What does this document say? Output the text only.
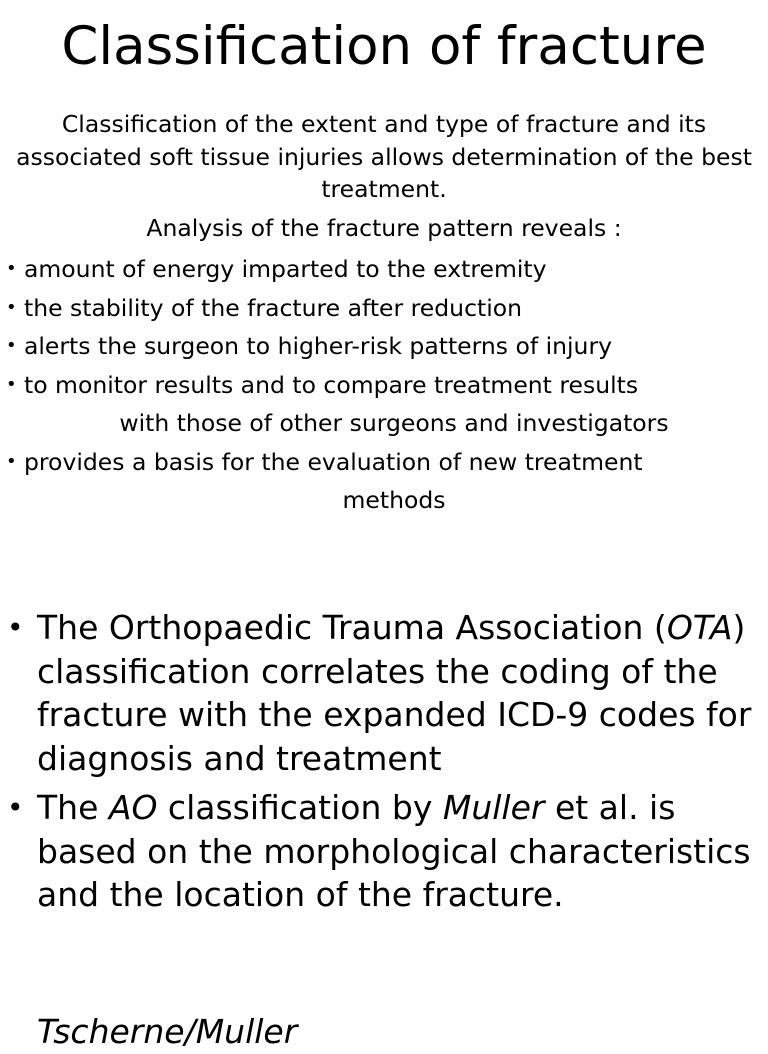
Classification of fracture

Classification of the extent and type of fracture and its associated soft tissue injuries allows determination of the best treatment.

Analysis of the fracture pattern reveals :

• amount of energy imparted to the extremity
• the stability of the fracture after reduction
• alerts the surgeon to higher-risk patterns of injury
• to monitor results and to compare treatment results
with those of other surgeons and investigators
• provides a basis for the evaluation of new treatment
methods
• The Orthopaedic Trauma Association (OTA) classification correlates the coding of the fracture with the expanded ICD-9 codes for diagnosis and treatment
• The AO classification by Muller et al. is based on the morphological characteristics and the location of the fracture.
Tscherne/Muller
